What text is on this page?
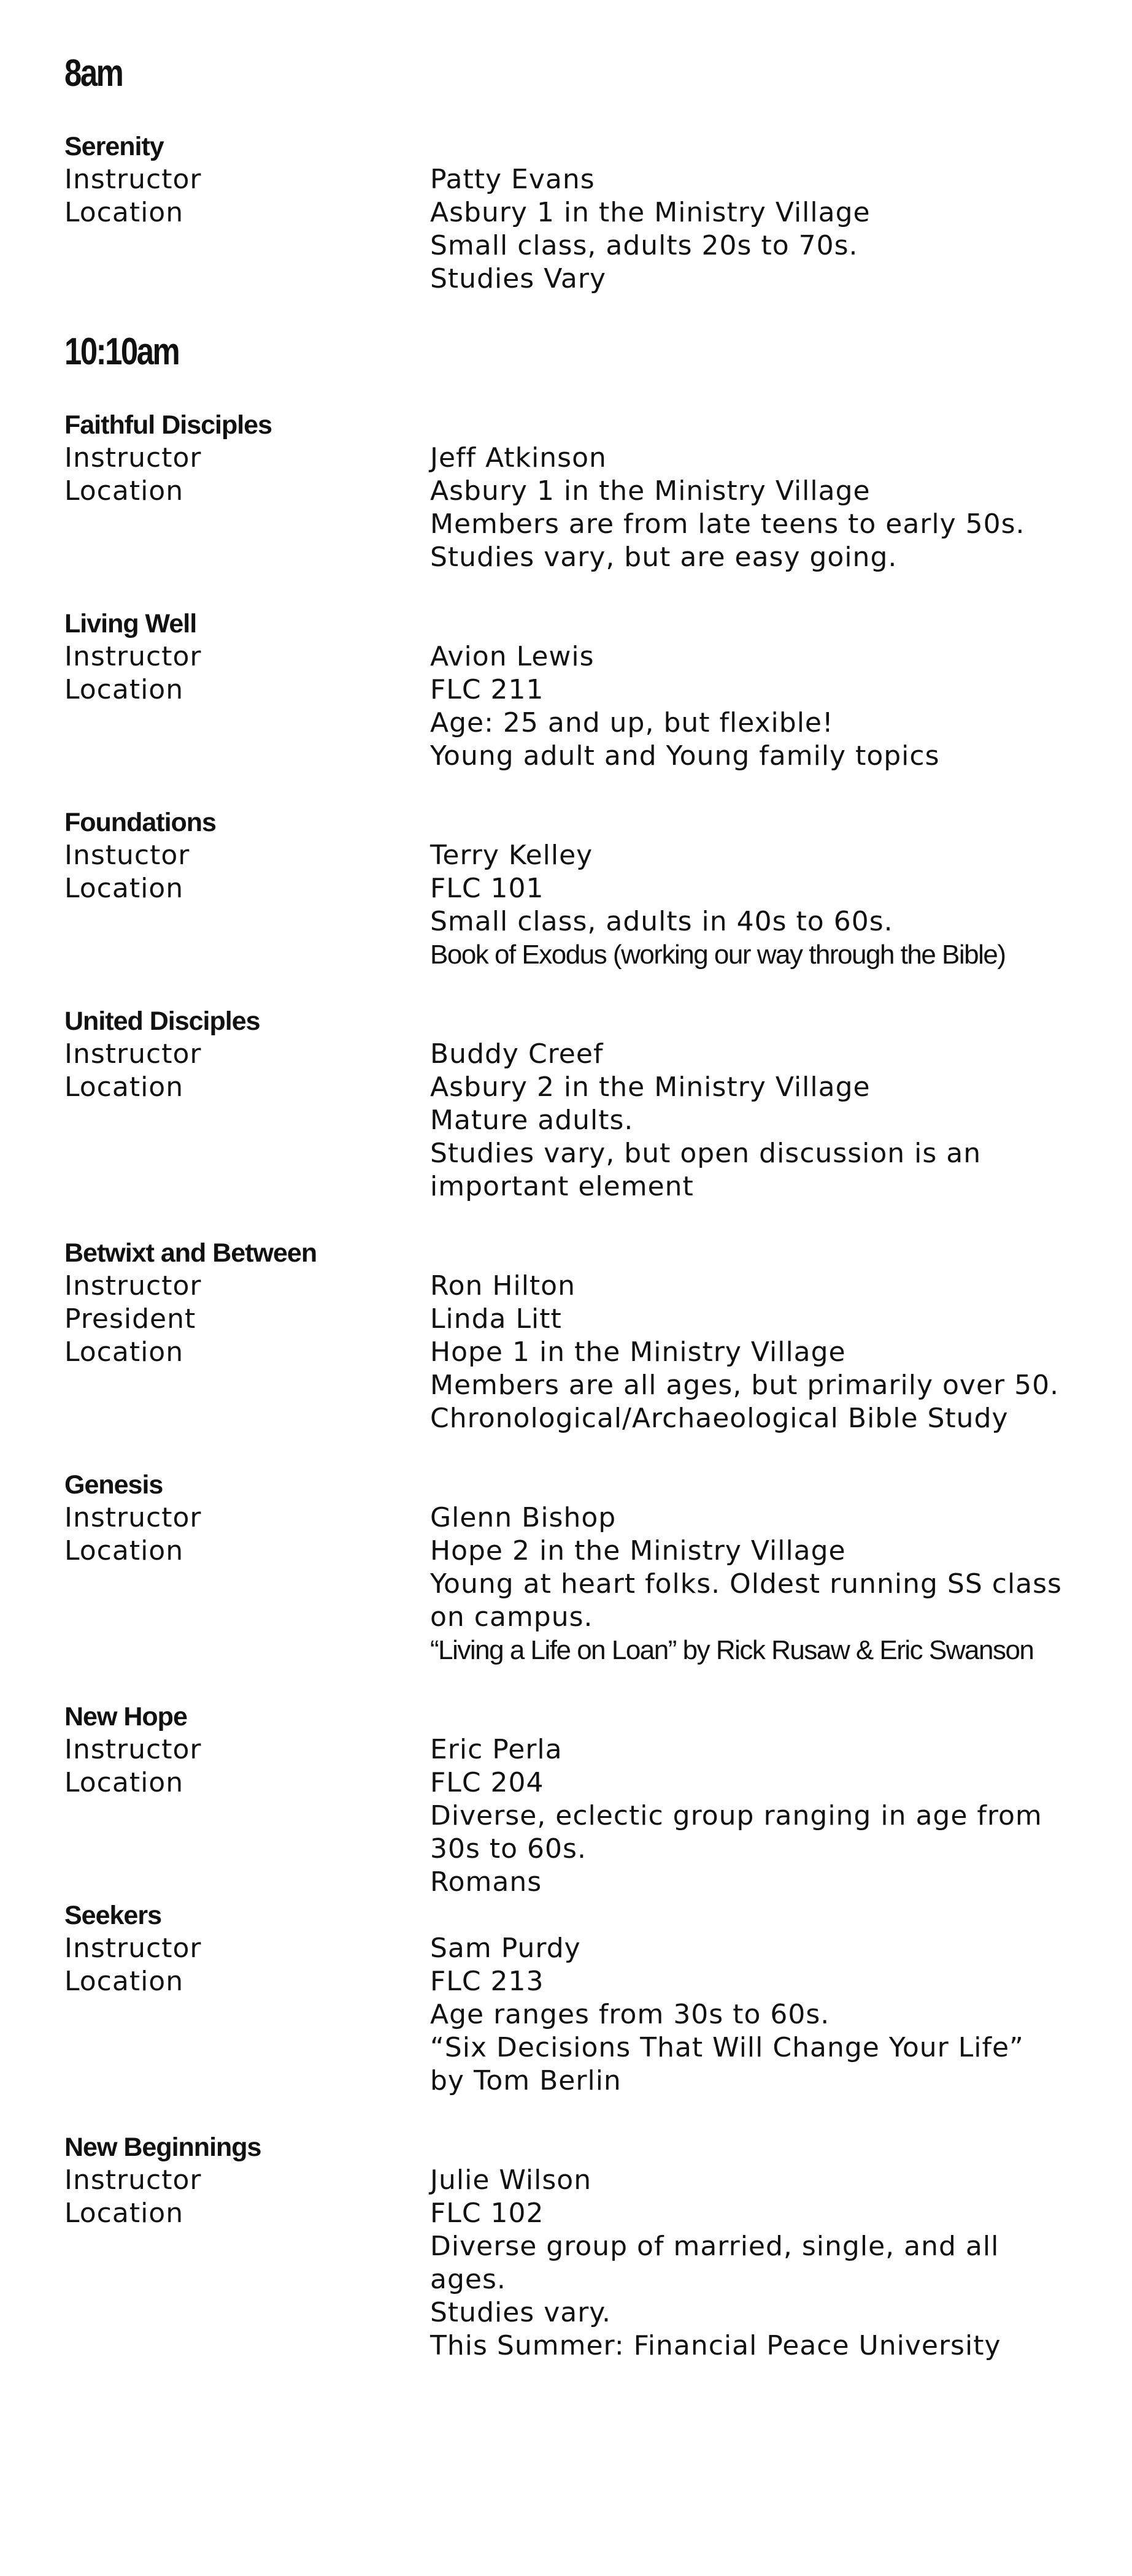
8am
Serenity
Instructor	Patty Evans
Location	Asbury 1 in the Ministry Village
Small class, adults 20s to 70s.
Studies Vary
10:10am
Faithful Disciples
Instructor	Jeff Atkinson
Location	Asbury 1 in the Ministry Village
Members are from late teens to early 50s.
Studies vary, but are easy going.
Living Well
Instructor	Avion Lewis
Location	FLC 211
Age: 25 and up, but flexible!
Young adult and Young family topics
Foundations
Instuctor	Terry Kelley
Location	FLC 101
Small class, adults in 40s to 60s.
Book of Exodus (working our way through the Bible)
United Disciples
Instructor	Buddy Creef
Location	Asbury 2 in the Ministry Village
Mature adults.
Studies vary, but open discussion is an
important element
Betwixt and Between
Instructor	Ron Hilton
President	Linda Litt
Location	Hope 1 in the Ministry Village
Members are all ages, but primarily over 50.
Chronological/Archaeological Bible Study
Genesis
Instructor	Glenn Bishop
Location	Hope 2 in the Ministry Village
Young at heart folks. Oldest running SS class
on campus.
“Living a Life on Loan” by Rick Rusaw & Eric Swanson
New Hope
Instructor	Eric Perla
Location	FLC 204
Diverse, eclectic group ranging in age from
30s to 60s.
Romans
Seekers
Instructor	Sam Purdy
Location	FLC 213
Age ranges from 30s to 60s.
“Six Decisions That Will Change Your Life”
by Tom Berlin
New Beginnings
Instructor	Julie Wilson
Location	FLC 102
Diverse group of married, single, and all ages.
Studies vary.
This Summer: Financial Peace University
